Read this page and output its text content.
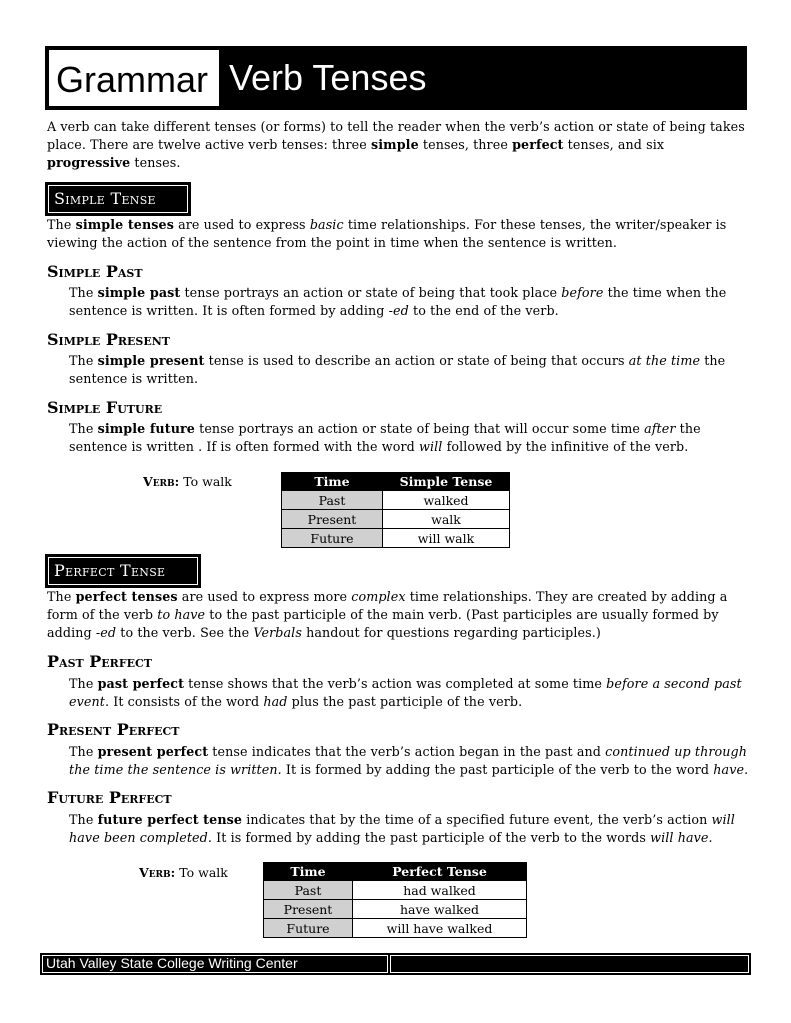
Grammar Verb Tenses

A verb can take different tenses (or forms) to tell the reader when the verb’s action or state of being takes place. There are twelve active verb tenses: three simple tenses, three perfect tenses, and six progressive tenses.

Simple Tense

The simple tenses are used to express basic time relationships. For these tenses, the writer/speaker is viewing the action of the sentence from the point in time when the sentence is written.

Simple Past

The simple past tense portrays an action or state of being that took place before the time when the sentence is written. It is often formed by adding -ed to the end of the verb.

Simple Present

The simple present tense is used to describe an action or state of being that occurs at the time the sentence is written.

Simple Future

The simple future tense portrays an action or state of being that will occur some time after the sentence is written . If is often formed with the word will followed by the infinitive of the verb.

Verb: To walk	Time	Simple Tense
Past	walked
Present	walk
Future	will walk
Perfect Tense

The perfect tenses are used to express more complex time relationships. They are created by adding a form of the verb to have to the past participle of the main verb. (Past participles are usually formed by adding -ed to the verb. See the Verbals handout for questions regarding participles.)

Past Perfect

The past perfect tense shows that the verb’s action was completed at some time before a second past event. It consists of the word had plus the past participle of the verb.

Present Perfect

The present perfect tense indicates that the verb’s action began in the past and continued up through the time the sentence is written. It is formed by adding the past participle of the verb to the word have.

Future Perfect

The future perfect tense indicates that by the time of a specified future event, the verb’s action will have been completed. It is formed by adding the past participle of the verb to the words will have.

Verb: To walk	Time	Perfect Tense
Past	had walked
Present	have walked
Future	will have walked
Utah Valley State College Writing Center
